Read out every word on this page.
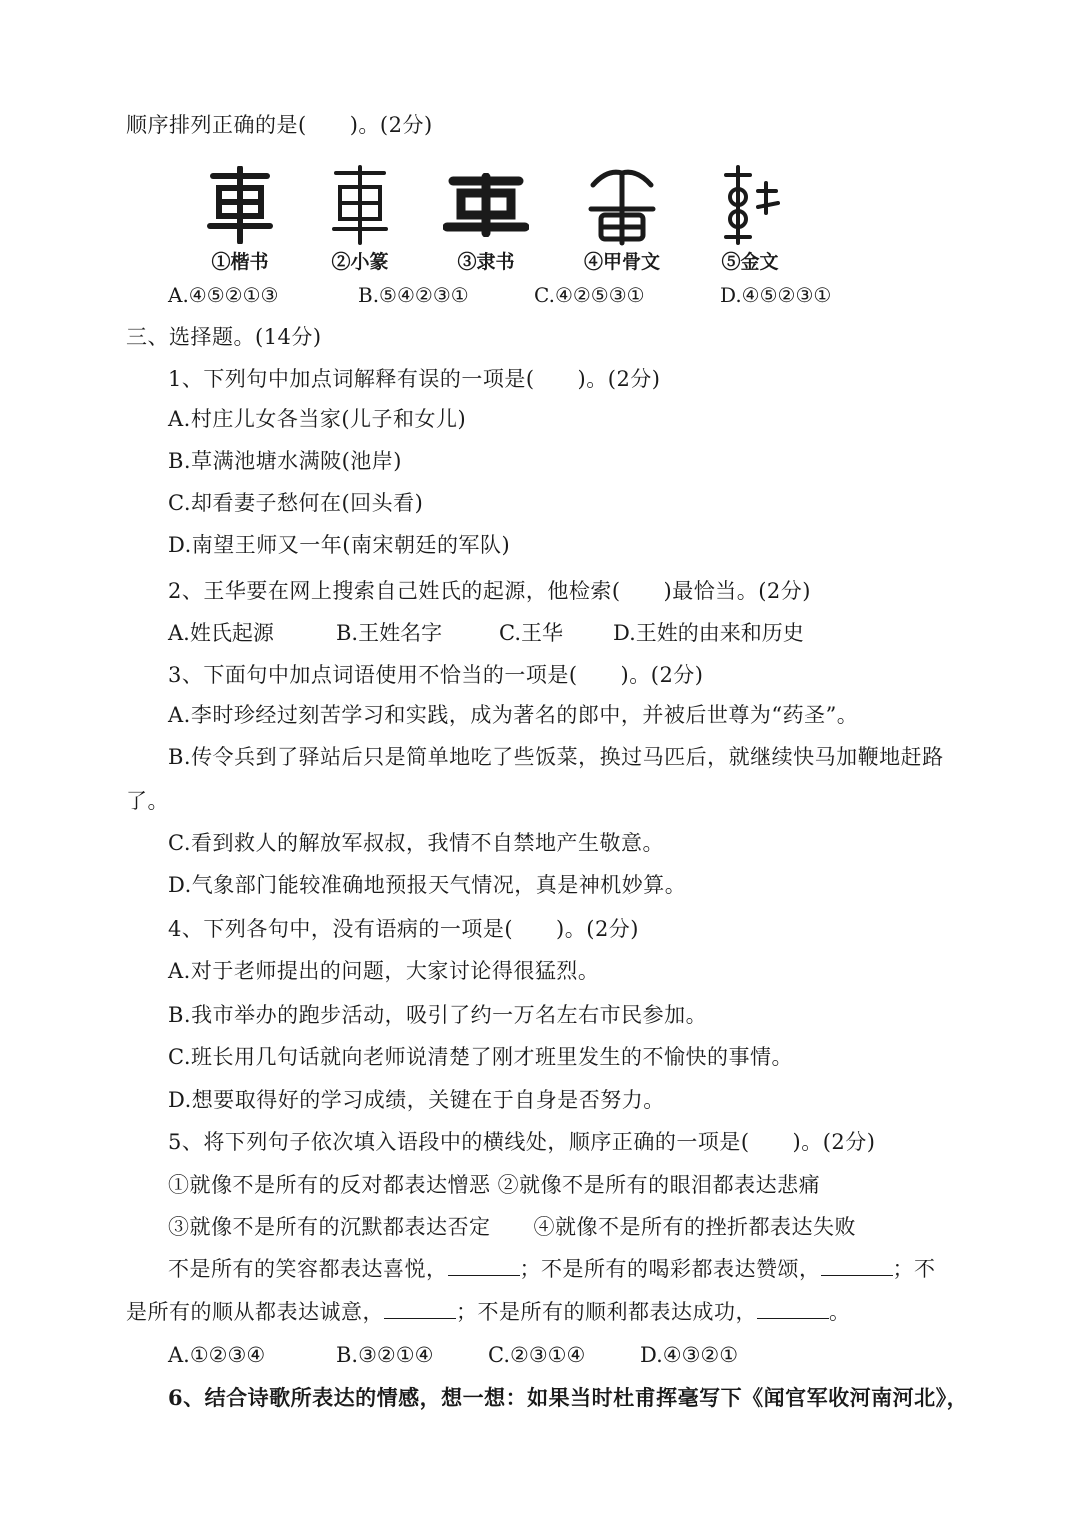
顺序排列正确的是(　　)。(2分)
①楷书	②小篆	③隶书	④甲骨文	⑤金文
A.④⑤②①③	B.⑤④②③①	C.④②⑤③①	D.④⑤②③①
三、选择题。(14分)
1、下列句中加点词解释有误的一项是(　　)。(2分)
A.村庄儿女各当家(儿子和女儿)
B.草满池塘水满陂(池岸)
C.却看妻子愁何在(回头看)
D.南望王师又一年(南宋朝廷的军队)
2、王华要在网上搜索自己姓氏的起源，他检索(　　)最恰当。(2分)
A.姓氏起源	B.王姓名字	C.王华	D.王姓的由来和历史
3、下面句中加点词语使用不恰当的一项是(　　)。(2分)
A.李时珍经过刻苦学习和实践，成为著名的郎中，并被后世尊为“药圣”。
B.传令兵到了驿站后只是简单地吃了些饭菜，换过马匹后，就继续快马加鞭地赶路
了。
C.看到救人的解放军叔叔，我情不自禁地产生敬意。
D.气象部门能较准确地预报天气情况，真是神机妙算。
4、下列各句中，没有语病的一项是(　　)。(2分)
A.对于老师提出的问题，大家讨论得很猛烈。
B.我市举办的跑步活动，吸引了约一万名左右市民参加。
C.班长用几句话就向老师说清楚了刚才班里发生的不愉快的事情。
D.想要取得好的学习成绩，关键在于自身是否努力。
5、将下列句子依次填入语段中的横线处，顺序正确的一项是(　　)。(2分)
①就像不是所有的反对都表达憎恶 ②就像不是所有的眼泪都表达悲痛
③就像不是所有的沉默都表达否定　　④就像不是所有的挫折都表达失败
不是所有的笑容都表达喜悦，	；不是所有的喝彩都表达赞颂，	；不
是所有的顺从都表达诚意，	；不是所有的顺利都表达成功，	。
A.①②③④	B.③②①④	C.②③①④	D.④③②①
6、结合诗歌所表达的情感，想一想：如果当时杜甫挥毫写下《闻官军收河南河北》，
